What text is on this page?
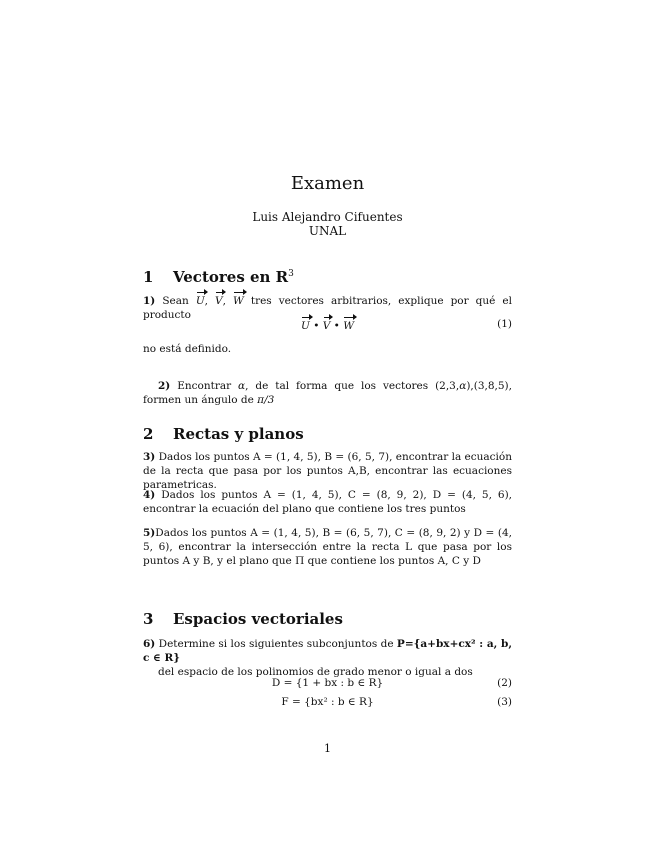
Examen
Luis Alejandro Cifuentes
UNAL
1 Vectores en $R^3$
1) Sean U, V, W tres vectores arbitrarios, explique por qué el producto
U • V • W	(1)
no está definido.
2) Encontrar α, de tal forma que los vectores (2,3,α),(3,8,5), formen un ángulo de π/3
2 Rectas y planos
3) Dados los puntos A = (1, 4, 5), B = (6, 5, 7), encontrar la ecuación de la recta que pasa por los puntos A,B, encontrar las ecuaciones parametricas.
4) Dados los puntos A = (1, 4, 5), C = (8, 9, 2), D = (4, 5, 6), encontrar la ecuación del plano que contiene los tres puntos
5)Dados los puntos A = (1, 4, 5), B = (6, 5, 7), C = (8, 9, 2) y D = (4, 5, 6), encontrar la intersección entre la recta L que pasa por los puntos A y B, y el plano que Π que contiene los puntos A, C y D
3 Espacios vectoriales
6) Determine si los siguientes subconjuntos de P={a+bx+cx² : a, b, c ∈ R}
del espacio de los polinomios de grado menor o igual a dos
D = {1 + bx : b ∈ R}	(2)
F = {bx² : b ∈ R}	(3)
1
